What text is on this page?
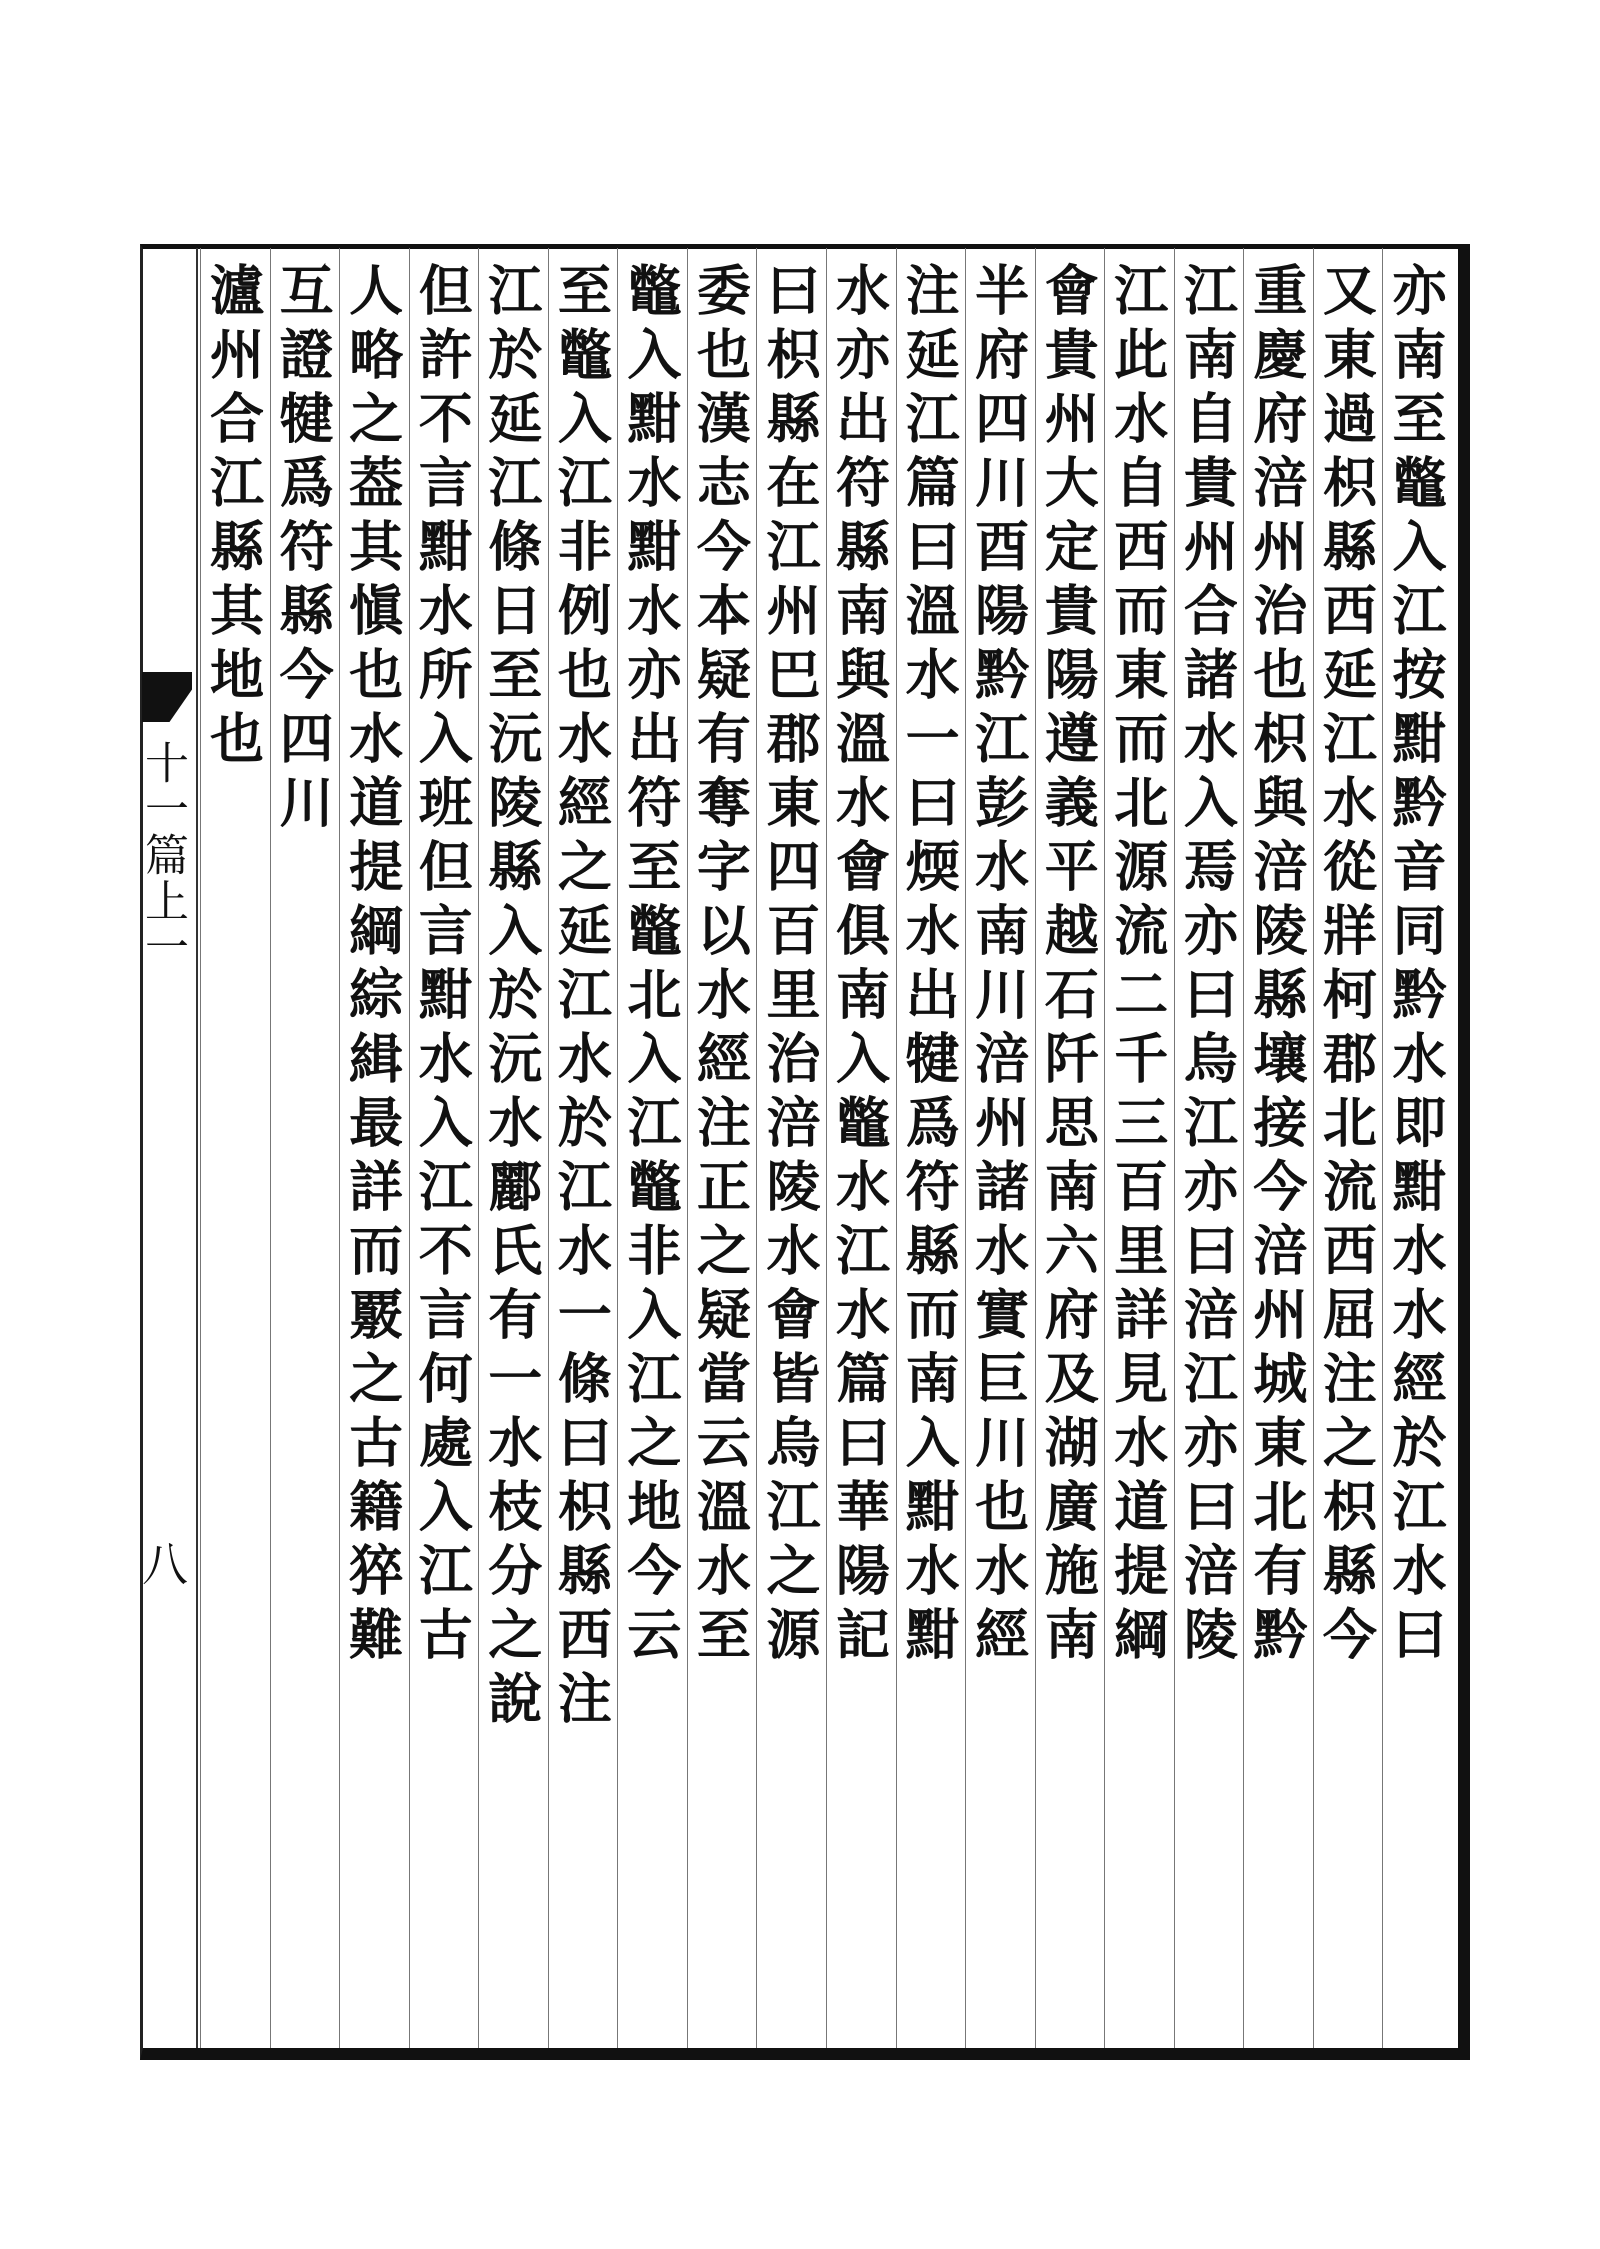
十一篇上一
八	亦南至鼈入江按黚黔音同黔水即黚水水經於江水曰
又東過枳縣西延江水從牂柯郡北流西屈注之枳縣今
重慶府涪州治也枳與涪陵縣壤接今涪州城東北有黔
江南自貴州合諸水入焉亦曰烏江亦曰涪江亦曰涪陵
江此水自西而東而北源流二千三百里詳見水道提綱
會貴州大定貴陽遵義平越石阡思南六府及湖廣施南
半府四川酉陽黔江彭水南川涪州諸水實巨川也水經
注延江篇曰溫水一曰煗水出犍爲符縣而南入黚水黚
水亦出符縣南與溫水會俱南入鼈水江水篇曰華陽記
曰枳縣在江州巴郡東四百里治涪陵水會皆烏江之源
委也漢志今本疑有奪字以水經注正之疑當云溫水至
鼈入黚水黚水亦出符至鼈北入江鼈非入江之地今云
至鼈入江非例也水經之延江水於江水一條曰枳縣西注
江於延江條日至沅陵縣入於沅水酈氏有一水枝分之說
但許不言黚水所入班但言黚水入江不言何處入江古
人略之葢其愼也水道提綱綜緝最詳而覈之古籍猝難
互證犍爲符縣今四川
瀘州合江縣其地也
